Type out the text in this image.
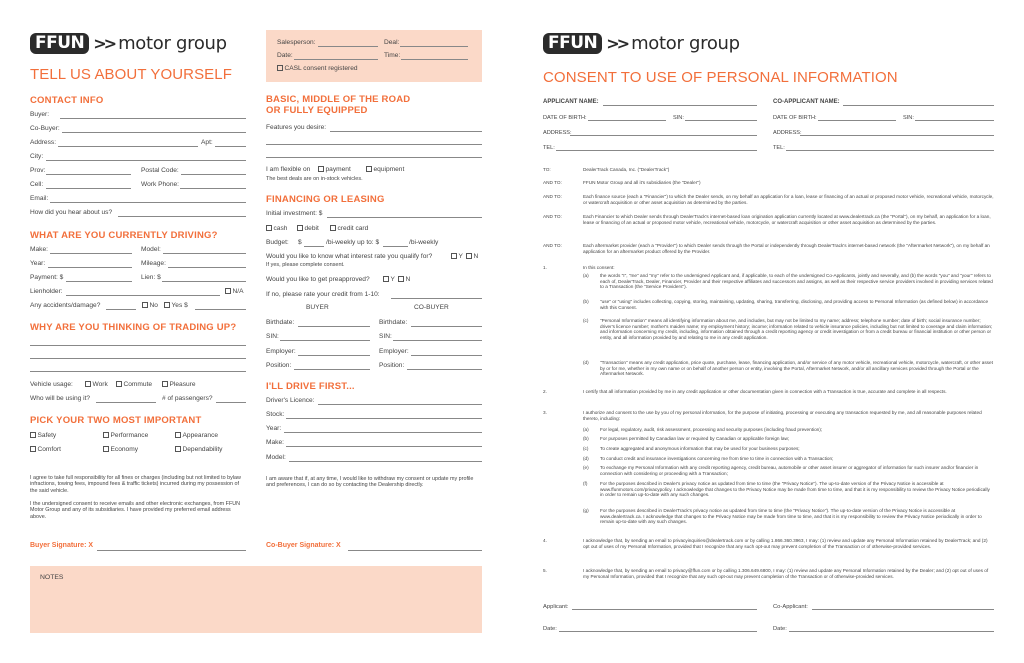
FFUN >> motor group
TELL US ABOUT YOURSELF
CONTACT INFO
Buyer:
Co-Buyer:
Address:	Apt:
City:
Prov:	Postal Code:
Cell:	Work Phone:
Email:
How did you hear about us?
WHAT ARE YOU CURRENTLY DRIVING?
Make:	Model:
Year:	Mileage:
Payment: $	Lien: $
Lienholder:	N/A
Any accidents/damage?	No	Yes $
WHY ARE YOU THINKING OF TRADING UP?
Vehicle usage:	Work	Commute	Pleasure
Who will be using it?	# of passengers?
PICK YOUR TWO MOST IMPORTANT
Safety	Performance	Appearance
Comfort	Economy	Dependability
I agree to take full responsibility for all fines or charges (including but not limited to bylaw infractions, towing fees, impound fees & traffic tickets) incurred during my possession of the said vehicle.
I the undersigned consent to receive emails and other electronic exchanges, from FFUN Motor Group and any of its subsidiaries. I have provided my preferred email address above.
Buyer Signature: X
NOTES
Salesperson:	Deal:
Date:	Time:
CASL consent registered
BASIC, MIDDLE OF THE ROAD OR FULLY EQUIPPED
Features you desire:
I am flexible on	payment	equipment
The best deals are on in-stock vehicles.
FINANCING OR LEASING
Initial investment: $
cash	debit	credit card
Budget: $	/bi-weekly up to: $	/bi-weekly
Would you like to know what interest rate you qualify for?	Y	N
If yes, please complete consent.
Would you like to get preapproved?	Y	N
If no, please rate your credit from 1-10:
BUYER	CO-BUYER
Birthdate:	Birthdate:
SIN:	SIN:
Employer:	Employer:
Position:	Position:
I'LL DRIVE FIRST...
Driver's Licence:
Stock:
Year:
Make:
Model:
I am aware that if, at any time, I would like to withdraw my consent or update my profile and preferences, I can do so by contacting the Dealership directly.
Co-Buyer Signature: X
FFUN >> motor group
CONSENT TO USE OF PERSONAL INFORMATION
APPLICANT NAME:	CO-APPLICANT NAME:
DATE OF BIRTH:	SIN:	DATE OF BIRTH:	SIN:
ADDRESS:	ADDRESS:
TEL:	TEL:
TO:	DealerTrack Canada, Inc. ("DealerTrack")
AND TO:	FFUN Motor Group and all it's subsidiaries (the "Dealer")
AND TO:	Each finance source (each a "Financier") to which the Dealer sends, on my behalf an application for a loan, lease or financing of an actual or proposed motor vehicle, recreational vehicle, motorcycle, or watercraft acquisition or other asset acquisition as determined by the parties.
AND TO:	Each Financier to which Dealer sends through DealerTrack's internet-based loan origination application currently located at www.dealertrack.ca (the "Portal"), on my behalf, an application for a loan, lease or financing of an actual or proposed motor vehicle, recreational vehicle, motorcycle, or watercraft acquisition or other asset acquisition as determined by the parties.
AND TO:	Each aftermarket provider (each a "Provider") to which Dealer sends through the Portal or independently through DealerTrack's internet-based network (the "Aftermarket Network"), on my behalf an application for an aftermarket product offered by the Provider.
1.	In this consent:
(a) the words "I", "me" and "my" refer to the undersigned Applicant and, if applicable, to each of the undersigned Co-Applicants, jointly and severally, and (b) the words "you" and "your" refers to each of, DealerTrack, Dealer, Financier, Provider and their respective affiliates and successors and assigns, as well as their respective service providers involved in providing services related to a Transaction (the "Service Providers").
(b) "use" or "using" includes collecting, copying, storing, maintaining, updating, sharing, transferring, disclosing, and providing access to Personal Information (as defined below) in accordance with this Consent.
(c) "Personal Information" means all identifying information about me, and includes, but may not be limited to my name; address; telephone number; date of birth; social insurance number; driver's licence number; mother's maiden name; my employment history; income; information related to vehicle insurance policies, including but not limited to coverage and claim information; and information concerning my credit, including, information obtained through a credit reporting agency or credit investigation or from a credit bureau or financial institution or other person or entity, and all information provided by and relating to me in any credit application.
(d) "Transaction" means any credit application, price quote, purchase, lease, financing application, and/or service of any motor vehicle, recreational vehicle, motorcycle, watercraft, or other asset by or for me, whether in my own name or on behalf of another person or entity, involving the Portal, Aftermarket Network, and/or all ancillary services provided through the Portal or the Aftermarket Network.
2.	I certify that all information provided by me in any credit application or other documentation given in connection with a Transaction is true, accurate and complete in all respects.
3.	I authorize and consent to the use by you of my personal information, for the purpose of initiating, processing or executing any transaction requested by me, and all reasonable purposes related thereto, including:
(a) For legal, regulatory, audit, risk assessment, processing and security purposes (including fraud prevention);
(b) For purposes permitted by Canadian law or required by Canadian or applicable foreign law;
(c) To create aggregated and anonymous information that may be used for your business purposes;
(d) To conduct credit and insurance investigations concerning me from time to time in connection with a Transaction;
(e) To exchange my Personal Information with any credit reporting agency, credit bureau, automobile or other asset insurer or aggregator of information for such insurer and/or financier in connection with considering or proceeding with a Transaction;
(f)	For the purposes described in Dealer's privacy notice as updated from time to time (the "Privacy Notice"). The up-to-date version of the Privacy Notice is accessible at www.ffunmotors.com/privacypolicy. I acknowledge that changes to the Privacy Notice may be made from time to time, and that it is my responsibility to review the Privacy Notice periodically in order to remain up-to-date with any such changes.
(g) For the purposes described in DealerTrack's privacy notice as updated from time to time (the "Privacy Notice"). The up-to-date version of the Privacy Notice is accessible at www.dealertrack.ca. I acknowledge that changes to the Privacy Notice may be made from time to time, and that it is my responsibility to review the Privacy Notice periodically in order to remain up-to-date with any such changes.
4.	I acknowledge that, by sending an email to privacyinquiries@dealertrack.com or by calling 1.866.360.3963, I may: (1) review and update any Personal Information retained by DealerTrack; and (2) opt out of uses of my Personal Information, provided that I recognize that any such opt-out may prevent completion of the Transaction or of otherwise-provided services.
5.	I acknowledge that, by sending an email to privacy@ffun.com or by calling 1.306.649.6800, I may: (1) review and update any Personal Information retained by the Dealer; and (2) opt out of uses of my Personal Information, provided that I recognize that any such opt-out may prevent completion of the Transaction or of otherwise-provided services.
Applicant:	Co-Applicant:
Date:	Date:
